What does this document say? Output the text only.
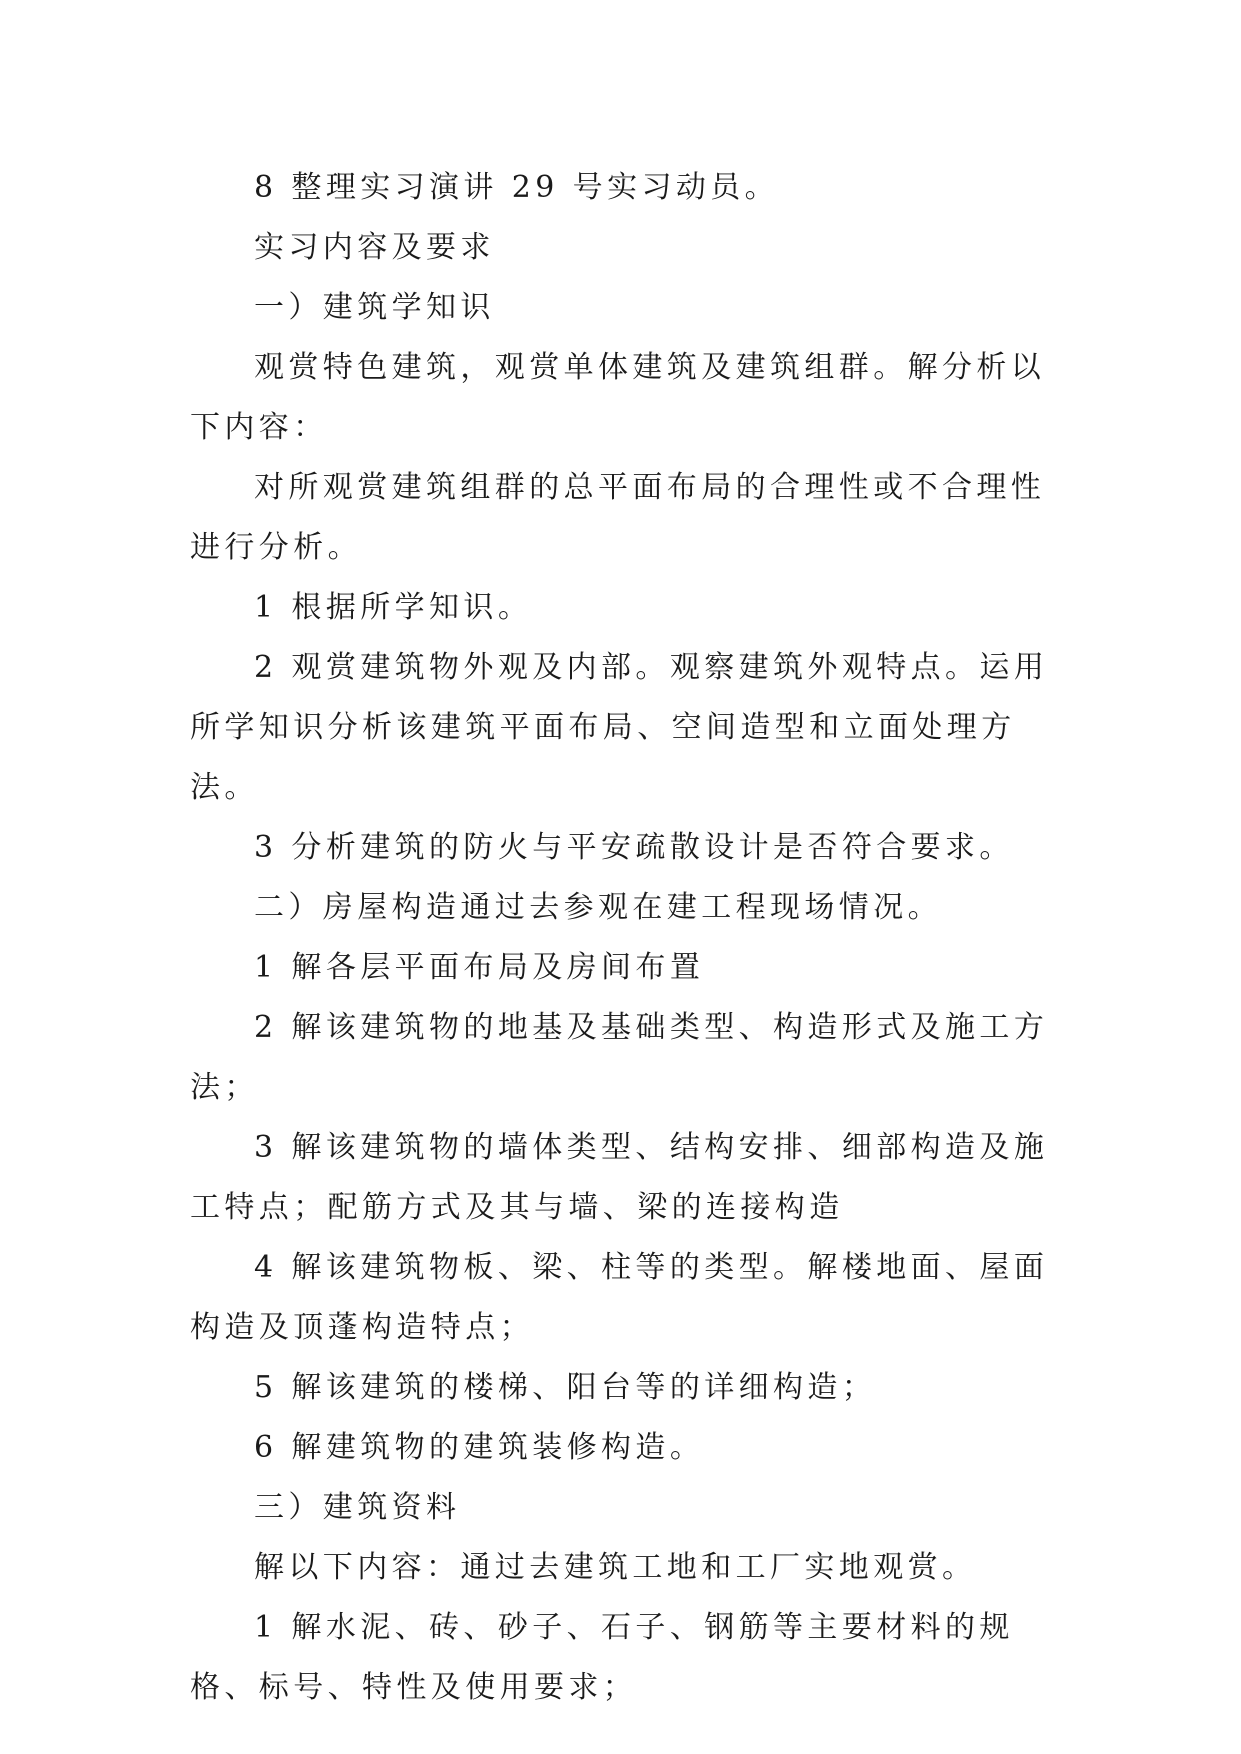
8 整理实习演讲 29 号实习动员。

实习内容及要求

一）建筑学知识

观赏特色建筑，观赏单体建筑及建筑组群。解分析以下内容：

对所观赏建筑组群的总平面布局的合理性或不合理性进行分析。

1 根据所学知识。

2 观赏建筑物外观及内部。观察建筑外观特点。运用所学知识分析该建筑平面布局、空间造型和立面处理方法。

3 分析建筑的防火与平安疏散设计是否符合要求。

二）房屋构造通过去参观在建工程现场情况。

1 解各层平面布局及房间布置

2 解该建筑物的地基及基础类型、构造形式及施工方法；

3 解该建筑物的墙体类型、结构安排、细部构造及施工特点；配筋方式及其与墙、梁的连接构造

4 解该建筑物板、梁、柱等的类型。解楼地面、屋面构造及顶蓬构造特点；

5 解该建筑的楼梯、阳台等的详细构造；

6 解建筑物的建筑装修构造。

三）建筑资料

解以下内容：通过去建筑工地和工厂实地观赏。

1 解水泥、砖、砂子、石子、钢筋等主要材料的规格、标号、特性及使用要求；
